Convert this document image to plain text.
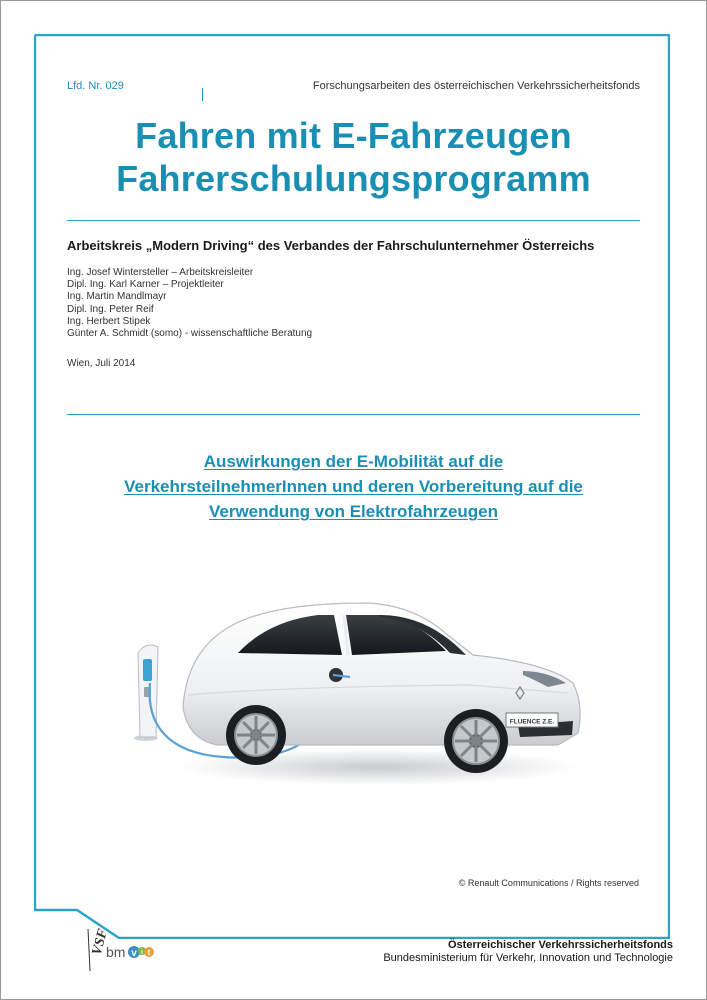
Lfd. Nr. 029	Forschungsarbeiten des österreichischen Verkehrssicherheitsfonds
Fahren mit E-Fahrzeugen
Fahrerschulungsprogramm
Arbeitskreis „Modern Driving“ des Verbandes der Fahrschulunternehmer Österreichs
Ing. Josef Wintersteller – Arbeitskreisleiter
Dipl. Ing. Karl Karner – Projektleiter
Ing. Martin Mandlmayr
Dipl. Ing. Peter Reif
Ing. Herbert Stipek
Günter A. Schmidt (somo) - wissenschaftliche Beratung
Wien, Juli 2014
Auswirkungen der E-Mobilität auf die
VerkehrsteilnehmerInnen und deren Vorbereitung auf die
Verwendung von Elektrofahrzeugen
FLUENCE Z.E.
© Renault Communications / Rights reserved
VSF
bm v i t
Österreichischer Verkehrssicherheitsfonds
Bundesministerium für Verkehr, Innovation und Technologie
